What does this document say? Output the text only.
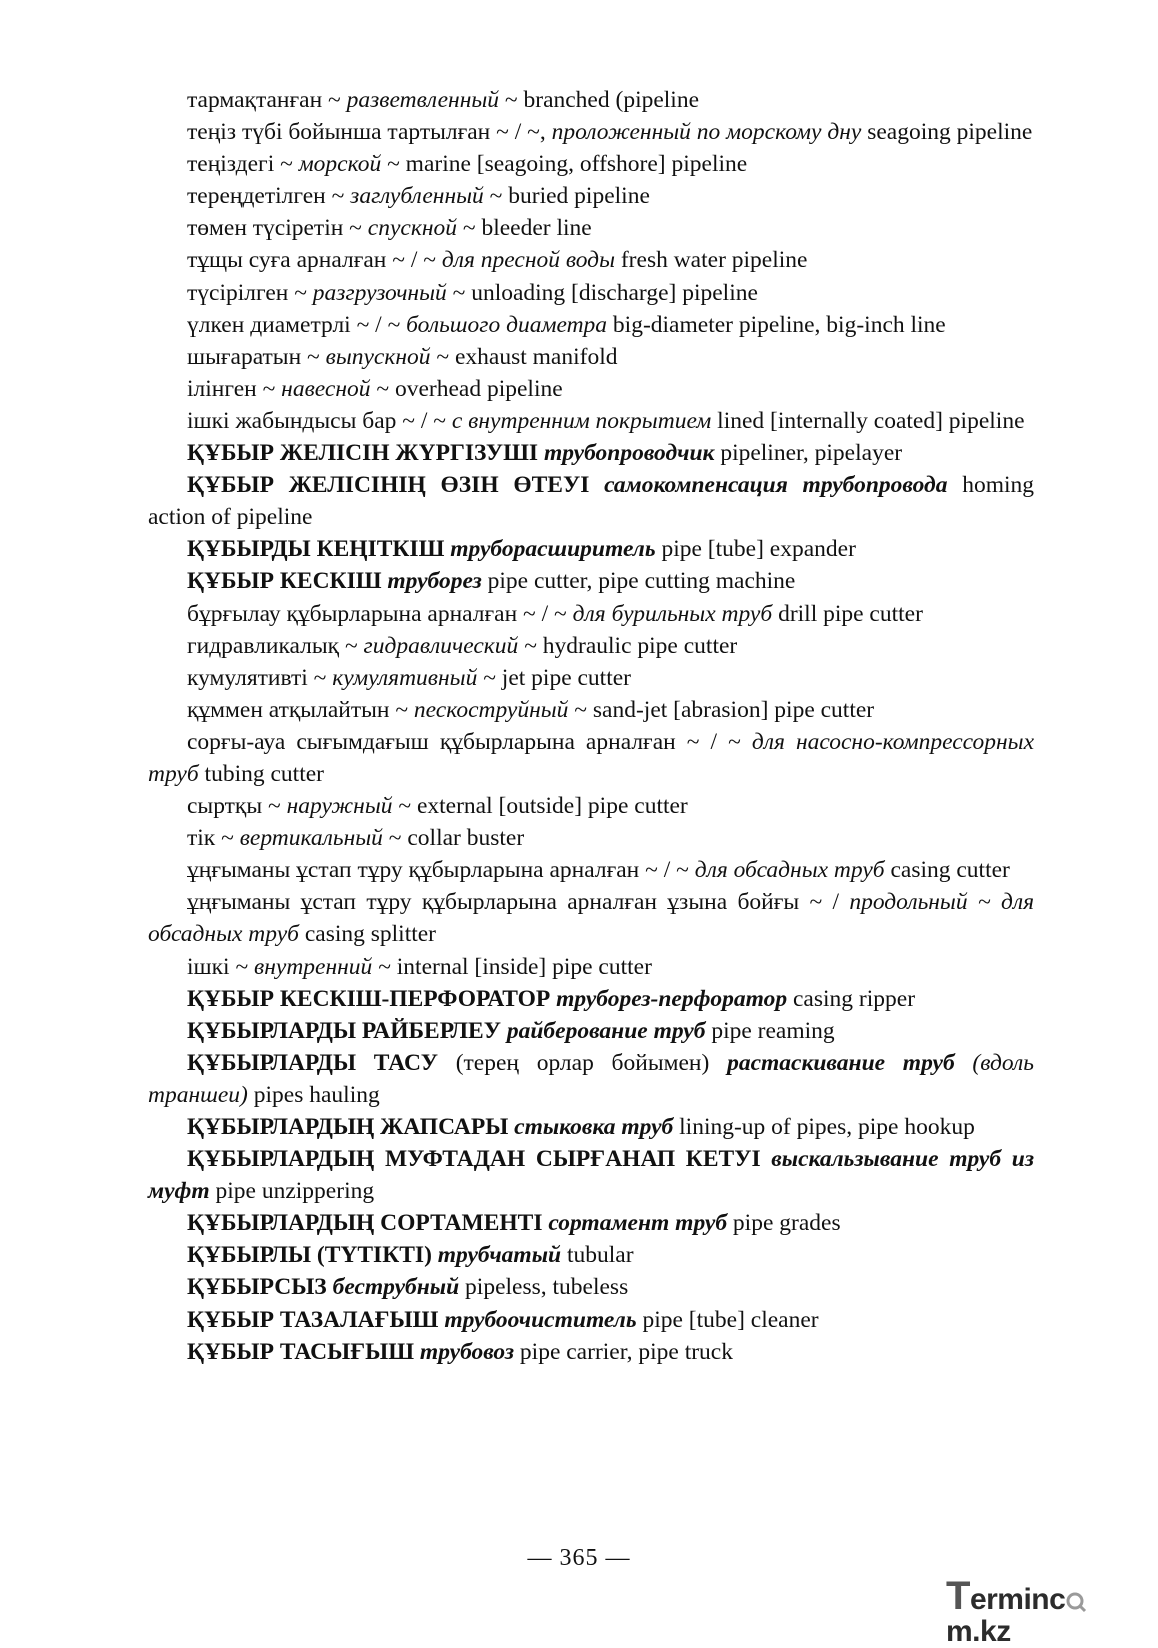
тармақтанған ~ разветвленный ~ branched (pipeline

теңіз түбі бойынша тартылған ~ / ~, проложенный по морскому дну seagoing pipeline

теңіздегі ~ морской ~ marine [seagoing, offshore] pipeline

тереңдетілген ~ заглубленный ~ buried pipeline

төмен түсіретін ~ спускной ~ bleeder line

тұщы суға арналған ~ / ~ для пресной воды fresh water pipeline

түсірілген ~ разгрузочный ~ unloading [discharge] pipeline

үлкен диаметрлі ~ / ~ большого диаметра big-diameter pipeline, big-inch line

шығаратын ~ выпускной ~ exhaust manifold

ілінген ~ навесной ~ overhead pipeline

ішкі жабындысы бар ~ / ~ с внутренним покрытием lined [internally coated] pipeline

ҚҰБЫР ЖЕЛІСІН ЖҮРГІЗУШІ трубопроводчик pipeliner, pipelayer

ҚҰБЫР ЖЕЛІСІНІҢ ӨЗІН ӨТЕУІ самокомпенсация трубопровода homing action of pipeline

ҚҰБЫРДЫ КЕҢІТКІШ трубоpасширитель pipe [tube] expander

ҚҰБЫР КЕСКІШ труборез pipe cutter, pipe cutting machine

бұрғылау құбырларына арналған ~ / ~ для бурильных труб drill pipe cutter

гидравликалық ~ гидравлический ~ hydraulic pipe cutter

кумулятивті ~ кумулятивный ~ jet pipe cutter

құммен атқылайтын ~ пескоструйный ~ sand-jet [abrasion] pipe cutter

сорғы-ауа сығымдағыш құбырларына арналған ~ / ~ для насосно-компрессорных труб tubing cutter

сыртқы ~ наружный ~ external [outside] pipe cutter

тік ~ вертикальный ~ collar buster

ұңғыманы ұстап тұру құбырларына арналған ~ / ~ для обсадных труб casing cutter

ұңғыманы ұстап тұру құбырларына арналған ұзына бойғы ~ / продольный ~ для обсадных труб casing splitter

ішкі ~ внутренний ~ internal [inside] pipe cutter

ҚҰБЫР КЕСКІШ-ПЕРФОРАТОР труборез-перфоратор casing ripper

ҚҰБЫРЛАРДЫ РАЙБЕРЛЕУ райберование труб pipe reaming

ҚҰБЫРЛАРДЫ ТАСУ (терең орлар бойымен) растаскивание труб (вдоль траншеи) pipes hauling

ҚҰБЫРЛАРДЫҢ ЖАПСАРЫ стыковка труб lining-up of pipes, pipe hookup

ҚҰБЫРЛАРДЫҢ МУФТАДАН СЫРҒАНАП КЕТУІ выскальзывание труб из муфт pipe unzippering

ҚҰБЫРЛАРДЫҢ СОРТАМЕНТІ сортамент труб pipe grades

ҚҰБЫРЛЫ (ТҮТІКТІ) трубчатый tubular

ҚҰБЫРСЫЗ беструбный pipeless, tubeless

ҚҰБЫР ТАЗАЛАҒЫШ трубоочиститель pipe [tube] cleaner

ҚҰБЫР ТАСЫҒЫШ трубовоз pipe carrier, pipe truck

— 365 —
Terminc
m.kz
